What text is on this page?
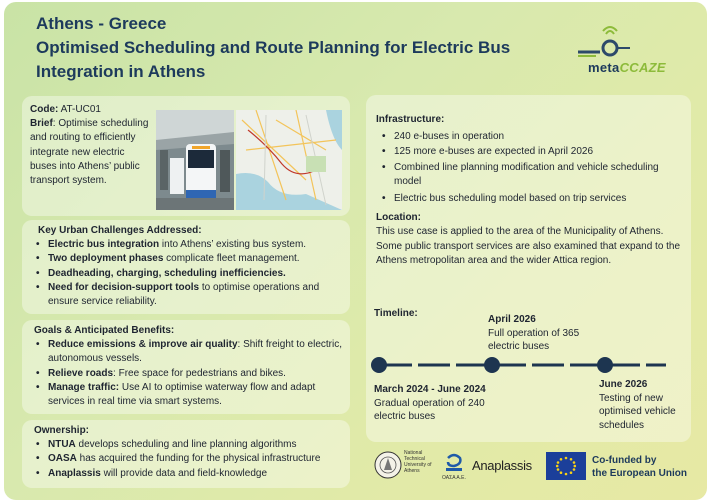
Athens - Greece
Optimised Scheduling and Route Planning for Electric Bus
Integration in Athens	metaCCAZE
Code: AT-UC01
Brief: Optimise scheduling and routing to efficiently integrate new electric buses into Athens’ public transport system.
Key Urban Challenges Addressed:
• Electric bus integration into Athens’ existing bus system.
• Two deployment phases complicate fleet management.
• Deadheading, charging, scheduling inefficiencies.
• Need for decision-support tools to optimise operations and ensure service reliability.
Goals & Anticipated Benefits:
• Reduce emissions & improve air quality: Shift freight to electric, autonomous vessels.
• Relieve roads: Free space for pedestrians and bikes.
• Manage traffic: Use AI to optimise waterway flow and adapt services in real time via smart systems.
Ownership:
• NTUA develops scheduling and line planning algorithms
• OASA has acquired the funding for the physical infrastructure
• Anaplassis will provide data and field-knowledge
Infrastructure:
• 240 e-buses in operation
• 125 more e-buses are expected in April 2026
• Combined line planning modification and vehicle scheduling model
• Electric bus scheduling model based on trip services
Location:
This use case is applied to the area of the Municipality of Athens. Some public transport services are also examined that expand to the Athens metropolitan area and the wider Attica region.
Timeline:
March 2024 - June 2024
Gradual operation of 240 electric buses
April 2026
Full operation of 365 electric buses
June 2026
Testing of new optimised vehicle schedules
National Technical University of Athens
ΟΑΣΑ Α.Ε.
Anaplassis	Co-funded by
the European Union
